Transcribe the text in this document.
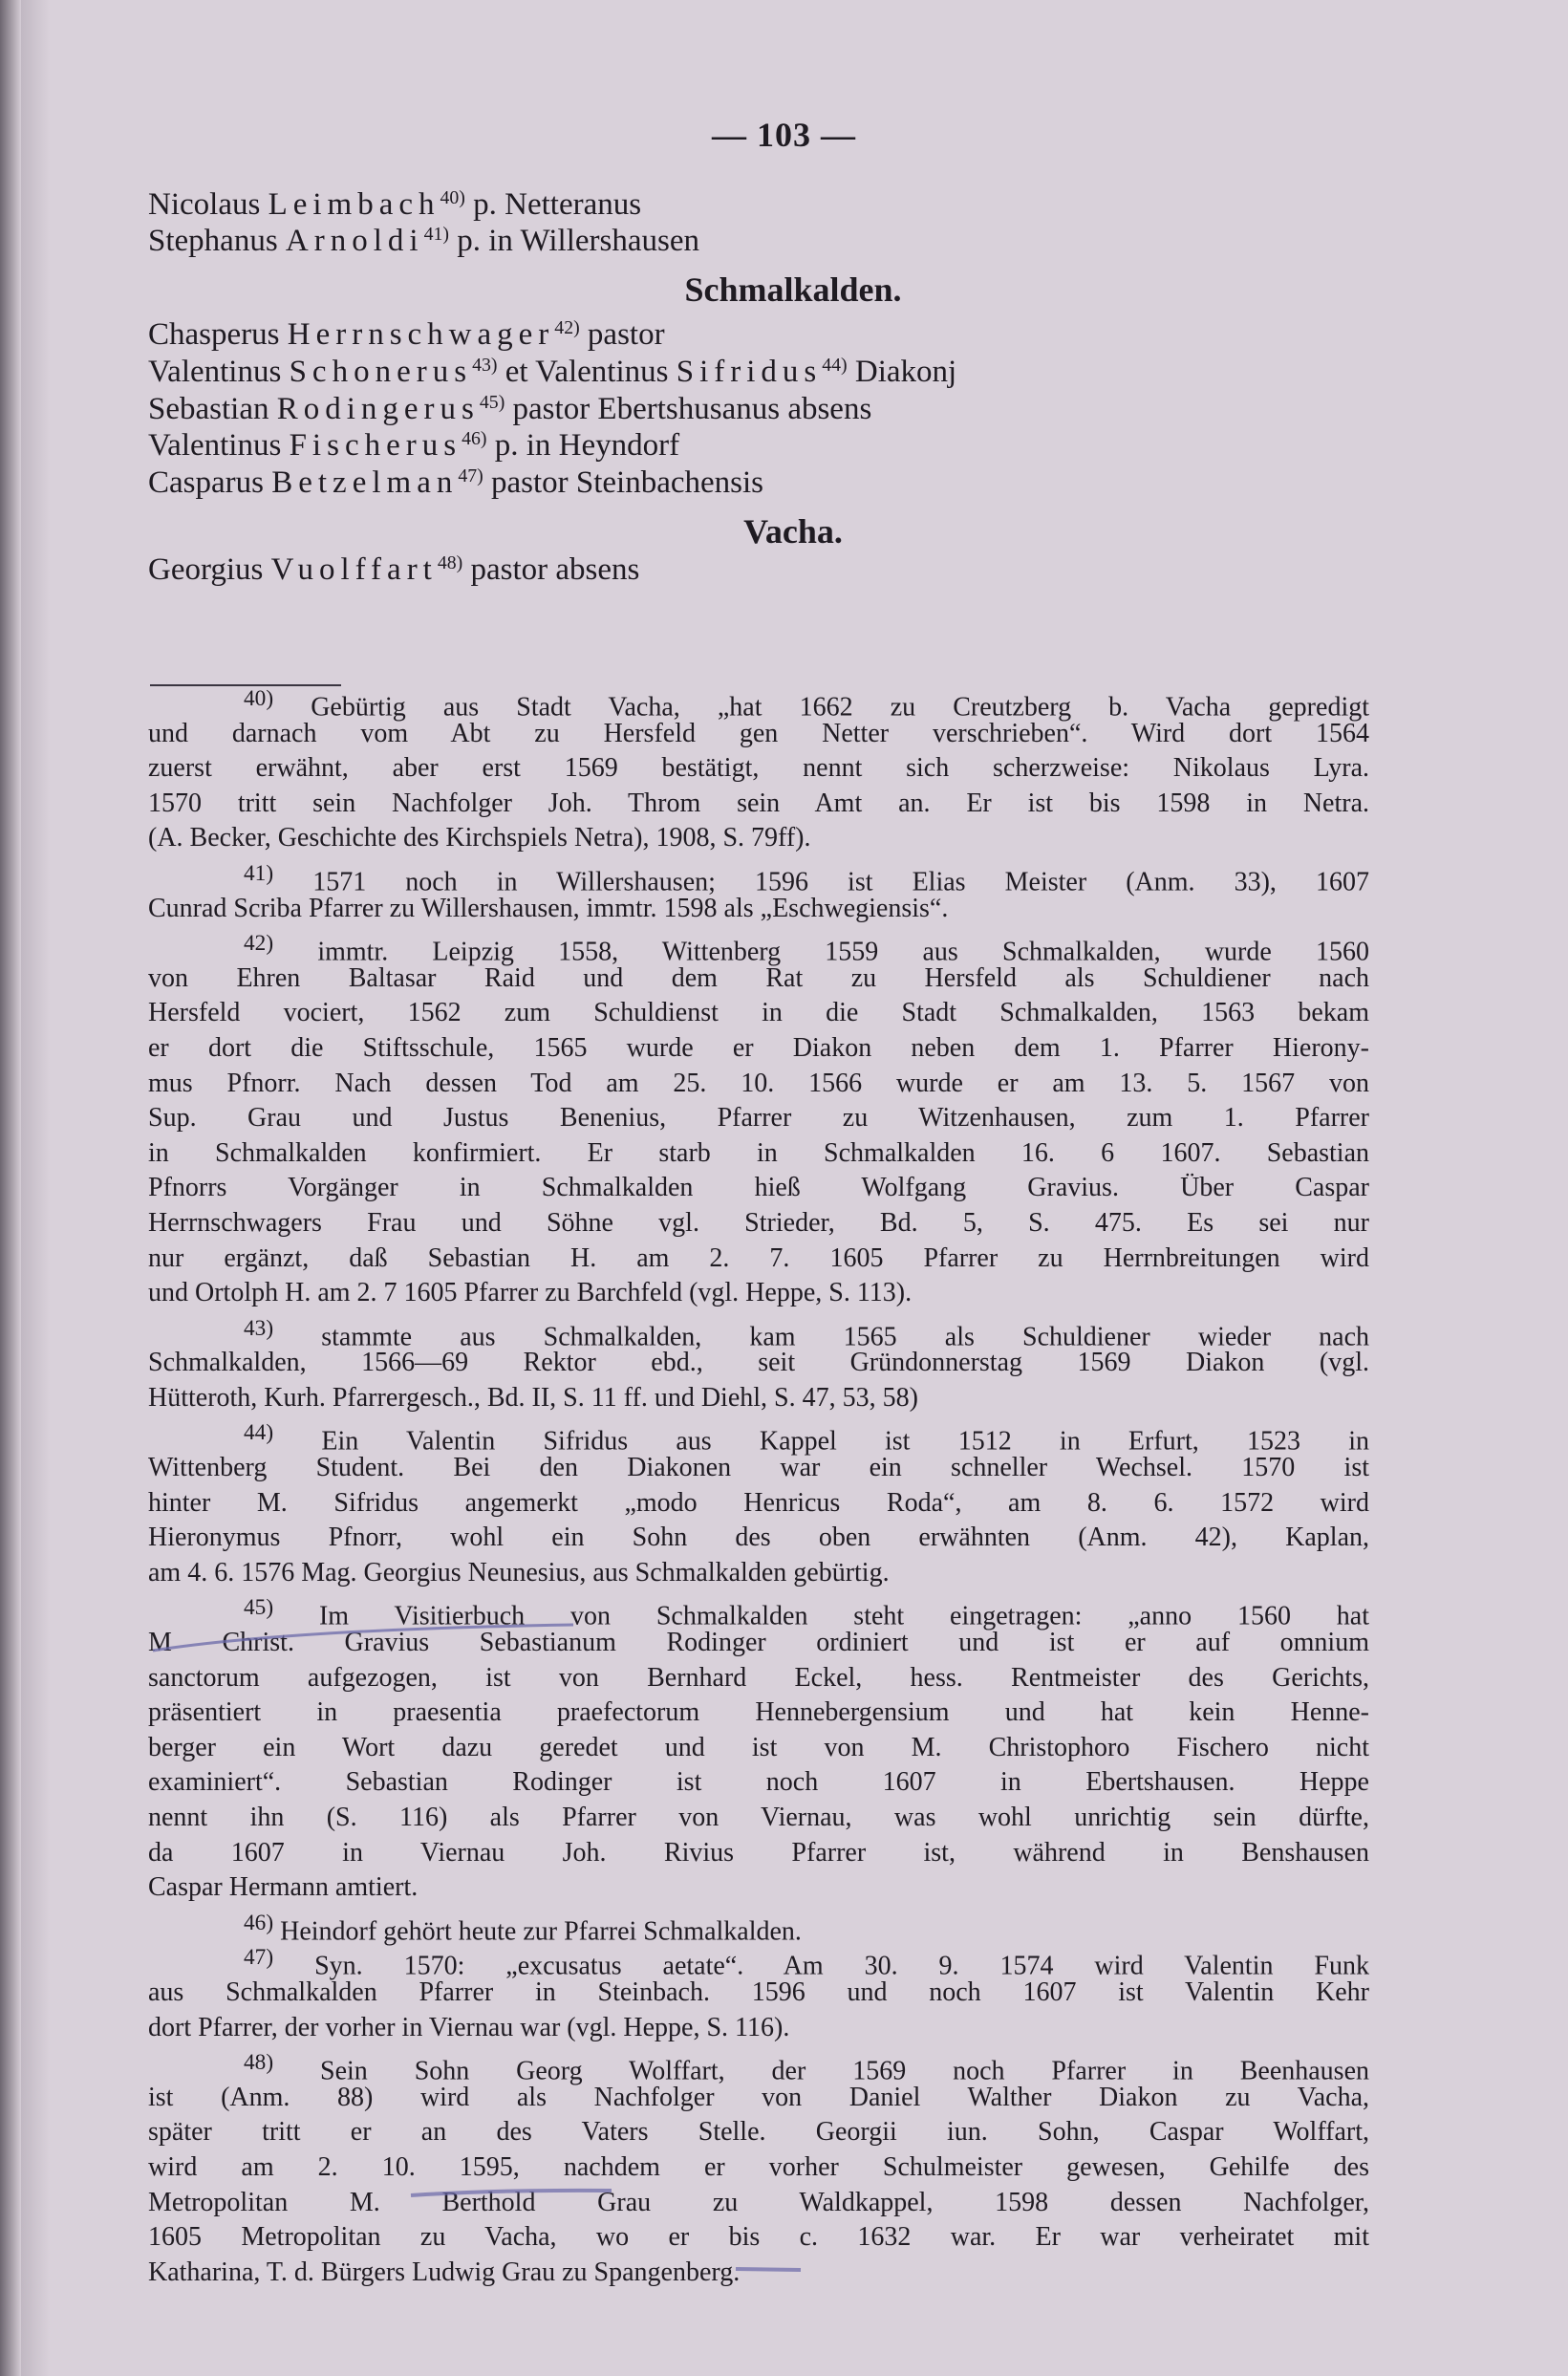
— 103 —
Nicolaus Leimbach$^{40)}$ p. Netteranus
Stephanus Arnoldi$^{41)}$ p. in Willershausen
Schmalkalden.
Chasperus Herrnschwager$^{42)}$ pastor
Valentinus Schonerus$^{43)}$ et Valentinus Sifridus$^{44)}$ Diakonj
Sebastian Rodingerus$^{45)}$ pastor Ebertshusanus absens
Valentinus Fischerus$^{46)}$ p. in Heyndorf
Casparus Betzelman$^{47)}$ pastor Steinbachensis
Vacha.
Georgius Vuolffart$^{48)}$ pastor absens
$^{40)}$ Gebürtig aus Stadt Vacha, „hat 1662 zu Creutzberg b. Vacha gepredigt
und darnach vom Abt zu Hersfeld gen Netter verschrieben“. Wird dort 1564
zuerst erwähnt, aber erst 1569 bestätigt, nennt sich scherzweise: Nikolaus Lyra.
1570 tritt sein Nachfolger Joh. Throm sein Amt an. Er ist bis 1598 in Netra.
(A. Becker, Geschichte des Kirchspiels Netra), 1908, S. 79ff).
$^{41)}$ 1571 noch in Willershausen; 1596 ist Elias Meister (Anm. 33), 1607
Cunrad Scriba Pfarrer zu Willershausen, immtr. 1598 als „Eschwegiensis“.
$^{42)}$ immtr. Leipzig 1558, Wittenberg 1559 aus Schmalkalden, wurde 1560
von Ehren Baltasar Raid und dem Rat zu Hersfeld als Schuldiener nach
Hersfeld vociert, 1562 zum Schuldienst in die Stadt Schmalkalden, 1563 bekam
er dort die Stiftsschule, 1565 wurde er Diakon neben dem 1. Pfarrer Hierony-
mus Pfnorr. Nach dessen Tod am 25. 10. 1566 wurde er am 13. 5. 1567 von
Sup. Grau und Justus Benenius, Pfarrer zu Witzenhausen, zum 1. Pfarrer
in Schmalkalden konfirmiert. Er starb in Schmalkalden 16. 6 1607. Sebastian
Pfnorrs Vorgänger in Schmalkalden hieß Wolfgang Gravius. Über Caspar
Herrnschwagers Frau und Söhne vgl. Strieder, Bd. 5, S. 475. Es sei nur
nur ergänzt, daß Sebastian H. am 2. 7. 1605 Pfarrer zu Herrnbreitungen wird
und Ortolph H. am 2. 7 1605 Pfarrer zu Barchfeld (vgl. Heppe, S. 113).
$^{43)}$ stammte aus Schmalkalden, kam 1565 als Schuldiener wieder nach
Schmalkalden, 1566—69 Rektor ebd., seit Gründonnerstag 1569 Diakon (vgl.
Hütteroth, Kurh. Pfarrergesch., Bd. II, S. 11 ff. und Diehl, S. 47, 53, 58)
$^{44)}$ Ein Valentin Sifridus aus Kappel ist 1512 in Erfurt, 1523 in
Wittenberg Student. Bei den Diakonen war ein schneller Wechsel. 1570 ist
hinter M. Sifridus angemerkt „modo Henricus Roda“, am 8. 6. 1572 wird
Hieronymus Pfnorr, wohl ein Sohn des oben erwähnten (Anm. 42), Kaplan,
am 4. 6. 1576 Mag. Georgius Neunesius, aus Schmalkalden gebürtig.
$^{45)}$ Im Visitierbuch von Schmalkalden steht eingetragen: „anno 1560 hat
M Christ. Gravius Sebastianum Rodinger ordiniert und ist er auf omnium
sanctorum aufgezogen, ist von Bernhard Eckel, hess. Rentmeister des Gerichts,
präsentiert in praesentia praefectorum Hennebergensium und hat kein Henne-
berger ein Wort dazu geredet und ist von M. Christophoro Fischero nicht
examiniert“. Sebastian Rodinger ist noch 1607 in Ebertshausen. Heppe
nennt ihn (S. 116) als Pfarrer von Viernau, was wohl unrichtig sein dürfte,
da 1607 in Viernau Joh. Rivius Pfarrer ist, während in Benshausen
Caspar Hermann amtiert.
$^{46)}$ Heindorf gehört heute zur Pfarrei Schmalkalden.
$^{47)}$ Syn. 1570: „excusatus aetate“. Am 30. 9. 1574 wird Valentin Funk
aus Schmalkalden Pfarrer in Steinbach. 1596 und noch 1607 ist Valentin Kehr
dort Pfarrer, der vorher in Viernau war (vgl. Heppe, S. 116).
$^{48)}$ Sein Sohn Georg Wolffart, der 1569 noch Pfarrer in Beenhausen
ist (Anm. 88) wird als Nachfolger von Daniel Walther Diakon zu Vacha,
später tritt er an des Vaters Stelle. Georgii iun. Sohn, Caspar Wolffart,
wird am 2. 10. 1595, nachdem er vorher Schulmeister gewesen, Gehilfe des
Metropolitan M. Berthold Grau zu Waldkappel, 1598 dessen Nachfolger,
1605 Metropolitan zu Vacha, wo er bis c. 1632 war. Er war verheiratet mit
Katharina, T. d. Bürgers Ludwig Grau zu Spangenberg.
